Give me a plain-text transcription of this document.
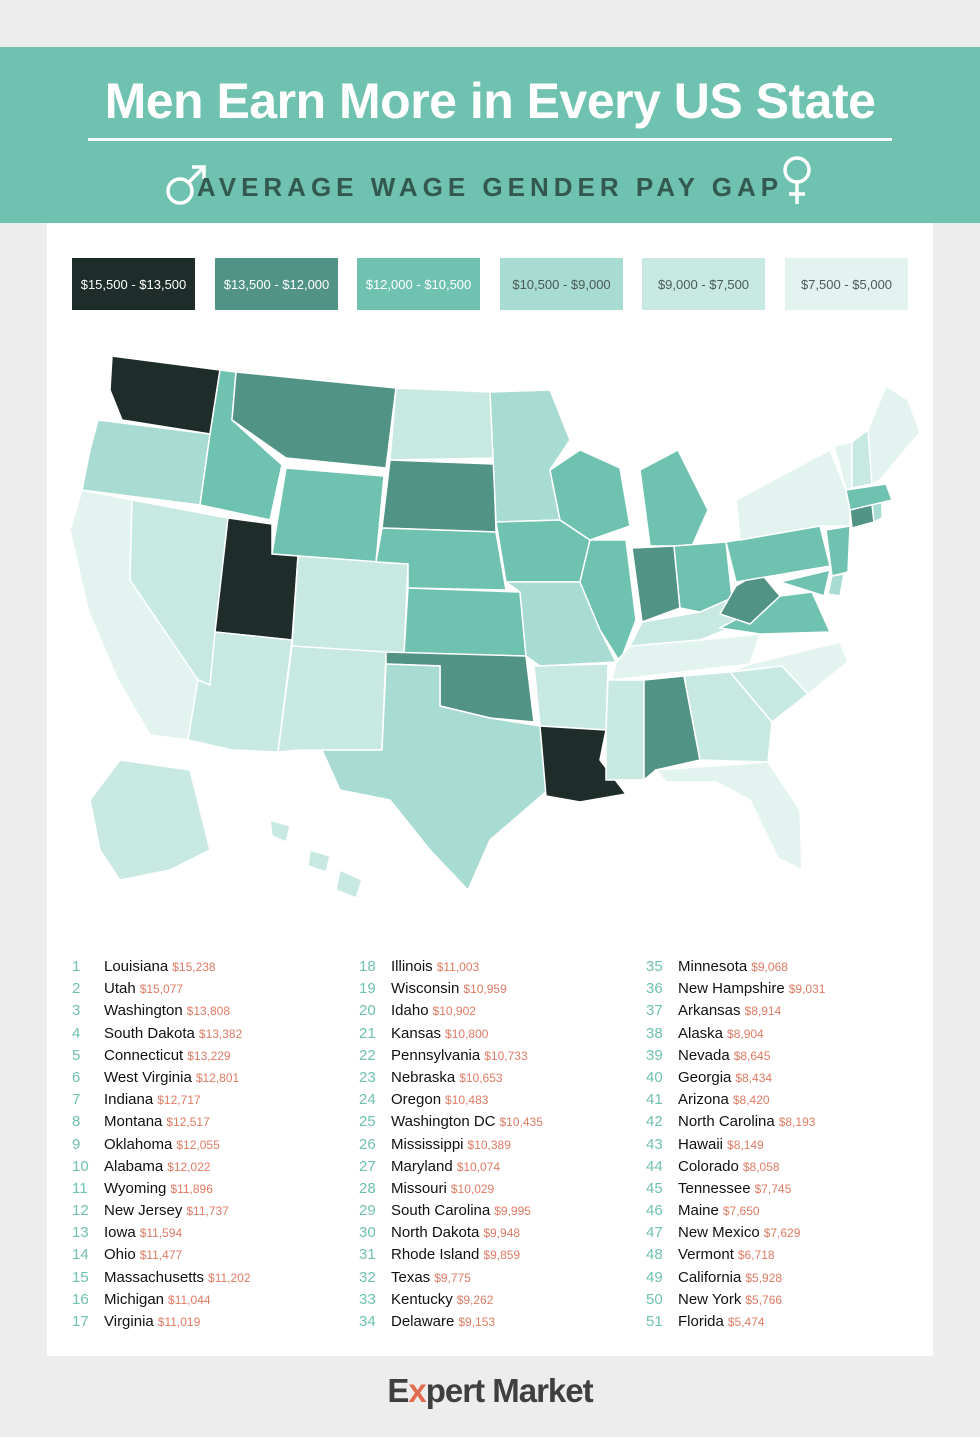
Men Earn More in Every US State
AVERAGE WAGE GENDER PAY GAP
$15,500 - $13,500	$13,500 - $12,000	$12,000 - $10,500	$10,500 - $9,000	$9,000 - $7,500	$7,500 - $5,000
1	Louisiana $15,238
2	Utah $15,077
3	Washington $13,808
4	South Dakota $13,382
5	Connecticut $13,229
6	West Virginia $12,801
7	Indiana $12,717
8	Montana $12,517
9	Oklahoma $12,055
10	Alabama $12,022
11	Wyoming $11,896
12	New Jersey $11,737
13	Iowa $11,594
14	Ohio $11,477
15	Massachusetts $11,202
16	Michigan $11,044
17	Virginia $11,019
18	Illinois $11,003
19	Wisconsin $10,959
20	Idaho $10,902
21	Kansas $10,800
22	Pennsylvania $10,733
23	Nebraska $10,653
24	Oregon $10,483
25	Washington DC $10,435
26	Mississippi $10,389
27	Maryland $10,074
28	Missouri $10,029
29	South Carolina $9,995
30	North Dakota $9,948
31	Rhode Island $9,859
32	Texas $9,775
33	Kentucky $9,262
34	Delaware $9,153
35	Minnesota $9,068
36	New Hampshire $9,031
37	Arkansas $8,914
38	Alaska $8,904
39	Nevada $8,645
40	Georgia $8,434
41	Arizona $8,420
42	North Carolina $8,193
43	Hawaii $8,149
44	Colorado $8,058
45	Tennessee $7,745
46	Maine $7,650
47	New Mexico $7,629
48	Vermont $6,718
49	California $5,928
50	New York $5,766
51	Florida $5,474
Expert Market
